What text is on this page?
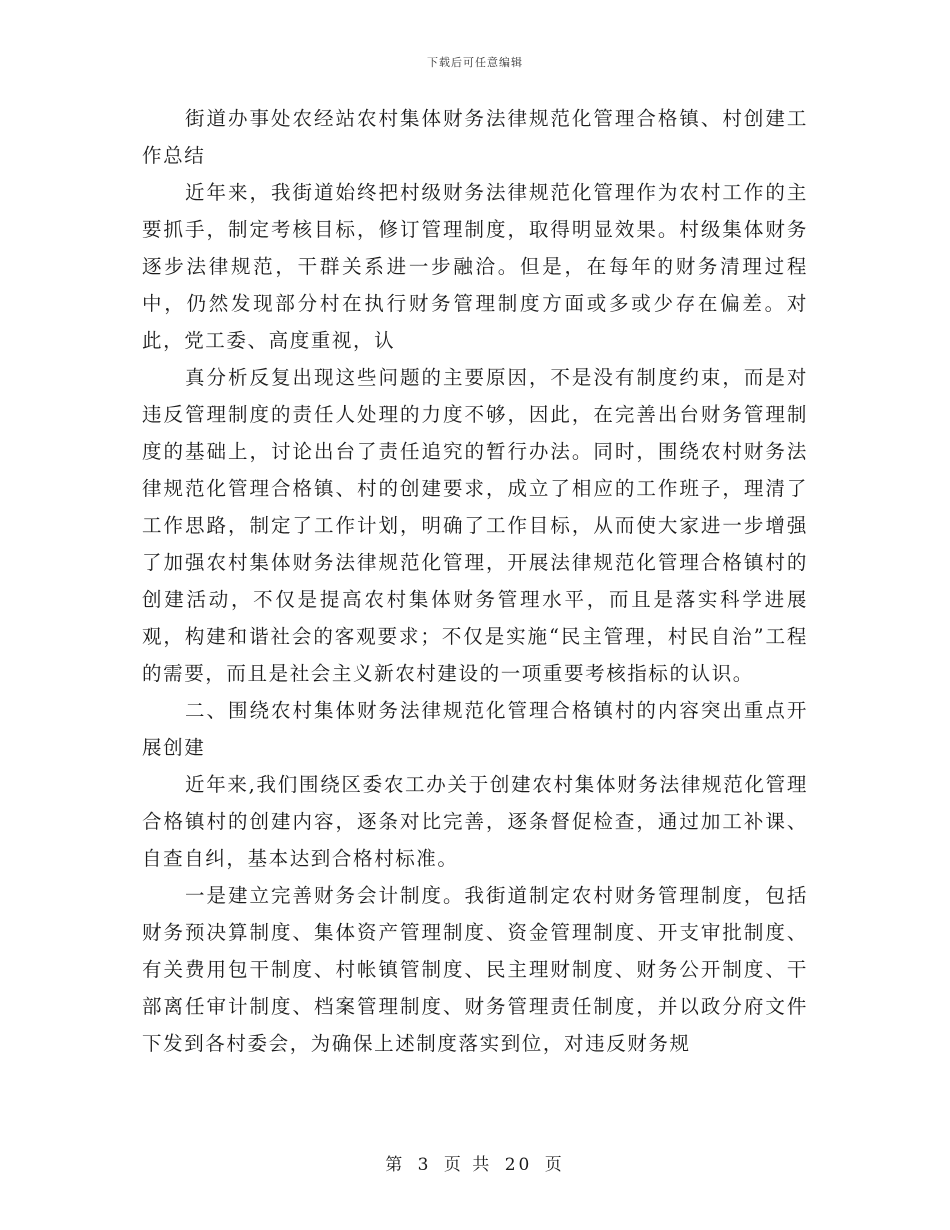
下载后可任意编辑

街道办事处农经站农村集体财务法律规范化管理合格镇、村创建工作总结

近年来，我街道始终把村级财务法律规范化管理作为农村工作的主要抓手，制定考核目标，修订管理制度，取得明显效果。村级集体财务逐步法律规范，干群关系进一步融洽。但是，在每年的财务清理过程中，仍然发现部分村在执行财务管理制度方面或多或少存在偏差。对此，党工委、高度重视，认

真分析反复出现这些问题的主要原因，不是没有制度约束，而是对违反管理制度的责任人处理的力度不够，因此，在完善出台财务管理制度的基础上，讨论出台了责任追究的暂行办法。同时，围绕农村财务法律规范化管理合格镇、村的创建要求，成立了相应的工作班子，理清了工作思路，制定了工作计划，明确了工作目标，从而使大家进一步增强了加强农村集体财务法律规范化管理，开展法律规范化管理合格镇村的创建活动，不仅是提高农村集体财务管理水平，而且是落实科学进展观，构建和谐社会的客观要求；不仅是实施“民主管理，村民自治”工程的需要，而且是社会主义新农村建设的一项重要考核指标的认识。

二、围绕农村集体财务法律规范化管理合格镇村的内容突出重点开展创建

近年来,我们围绕区委农工办关于创建农村集体财务法律规范化管理合格镇村的创建内容，逐条对比完善，逐条督促检查，通过加工补课、自查自纠，基本达到合格村标准。

一是建立完善财务会计制度。我街道制定农村财务管理制度，包括财务预决算制度、集体资产管理制度、资金管理制度、开支审批制度、有关费用包干制度、村帐镇管制度、民主理财制度、财务公开制度、干部离任审计制度、档案管理制度、财务管理责任制度，并以政分府文件下发到各村委会，为确保上述制度落实到位，对违反财务规

第 3 页 共 20 页
